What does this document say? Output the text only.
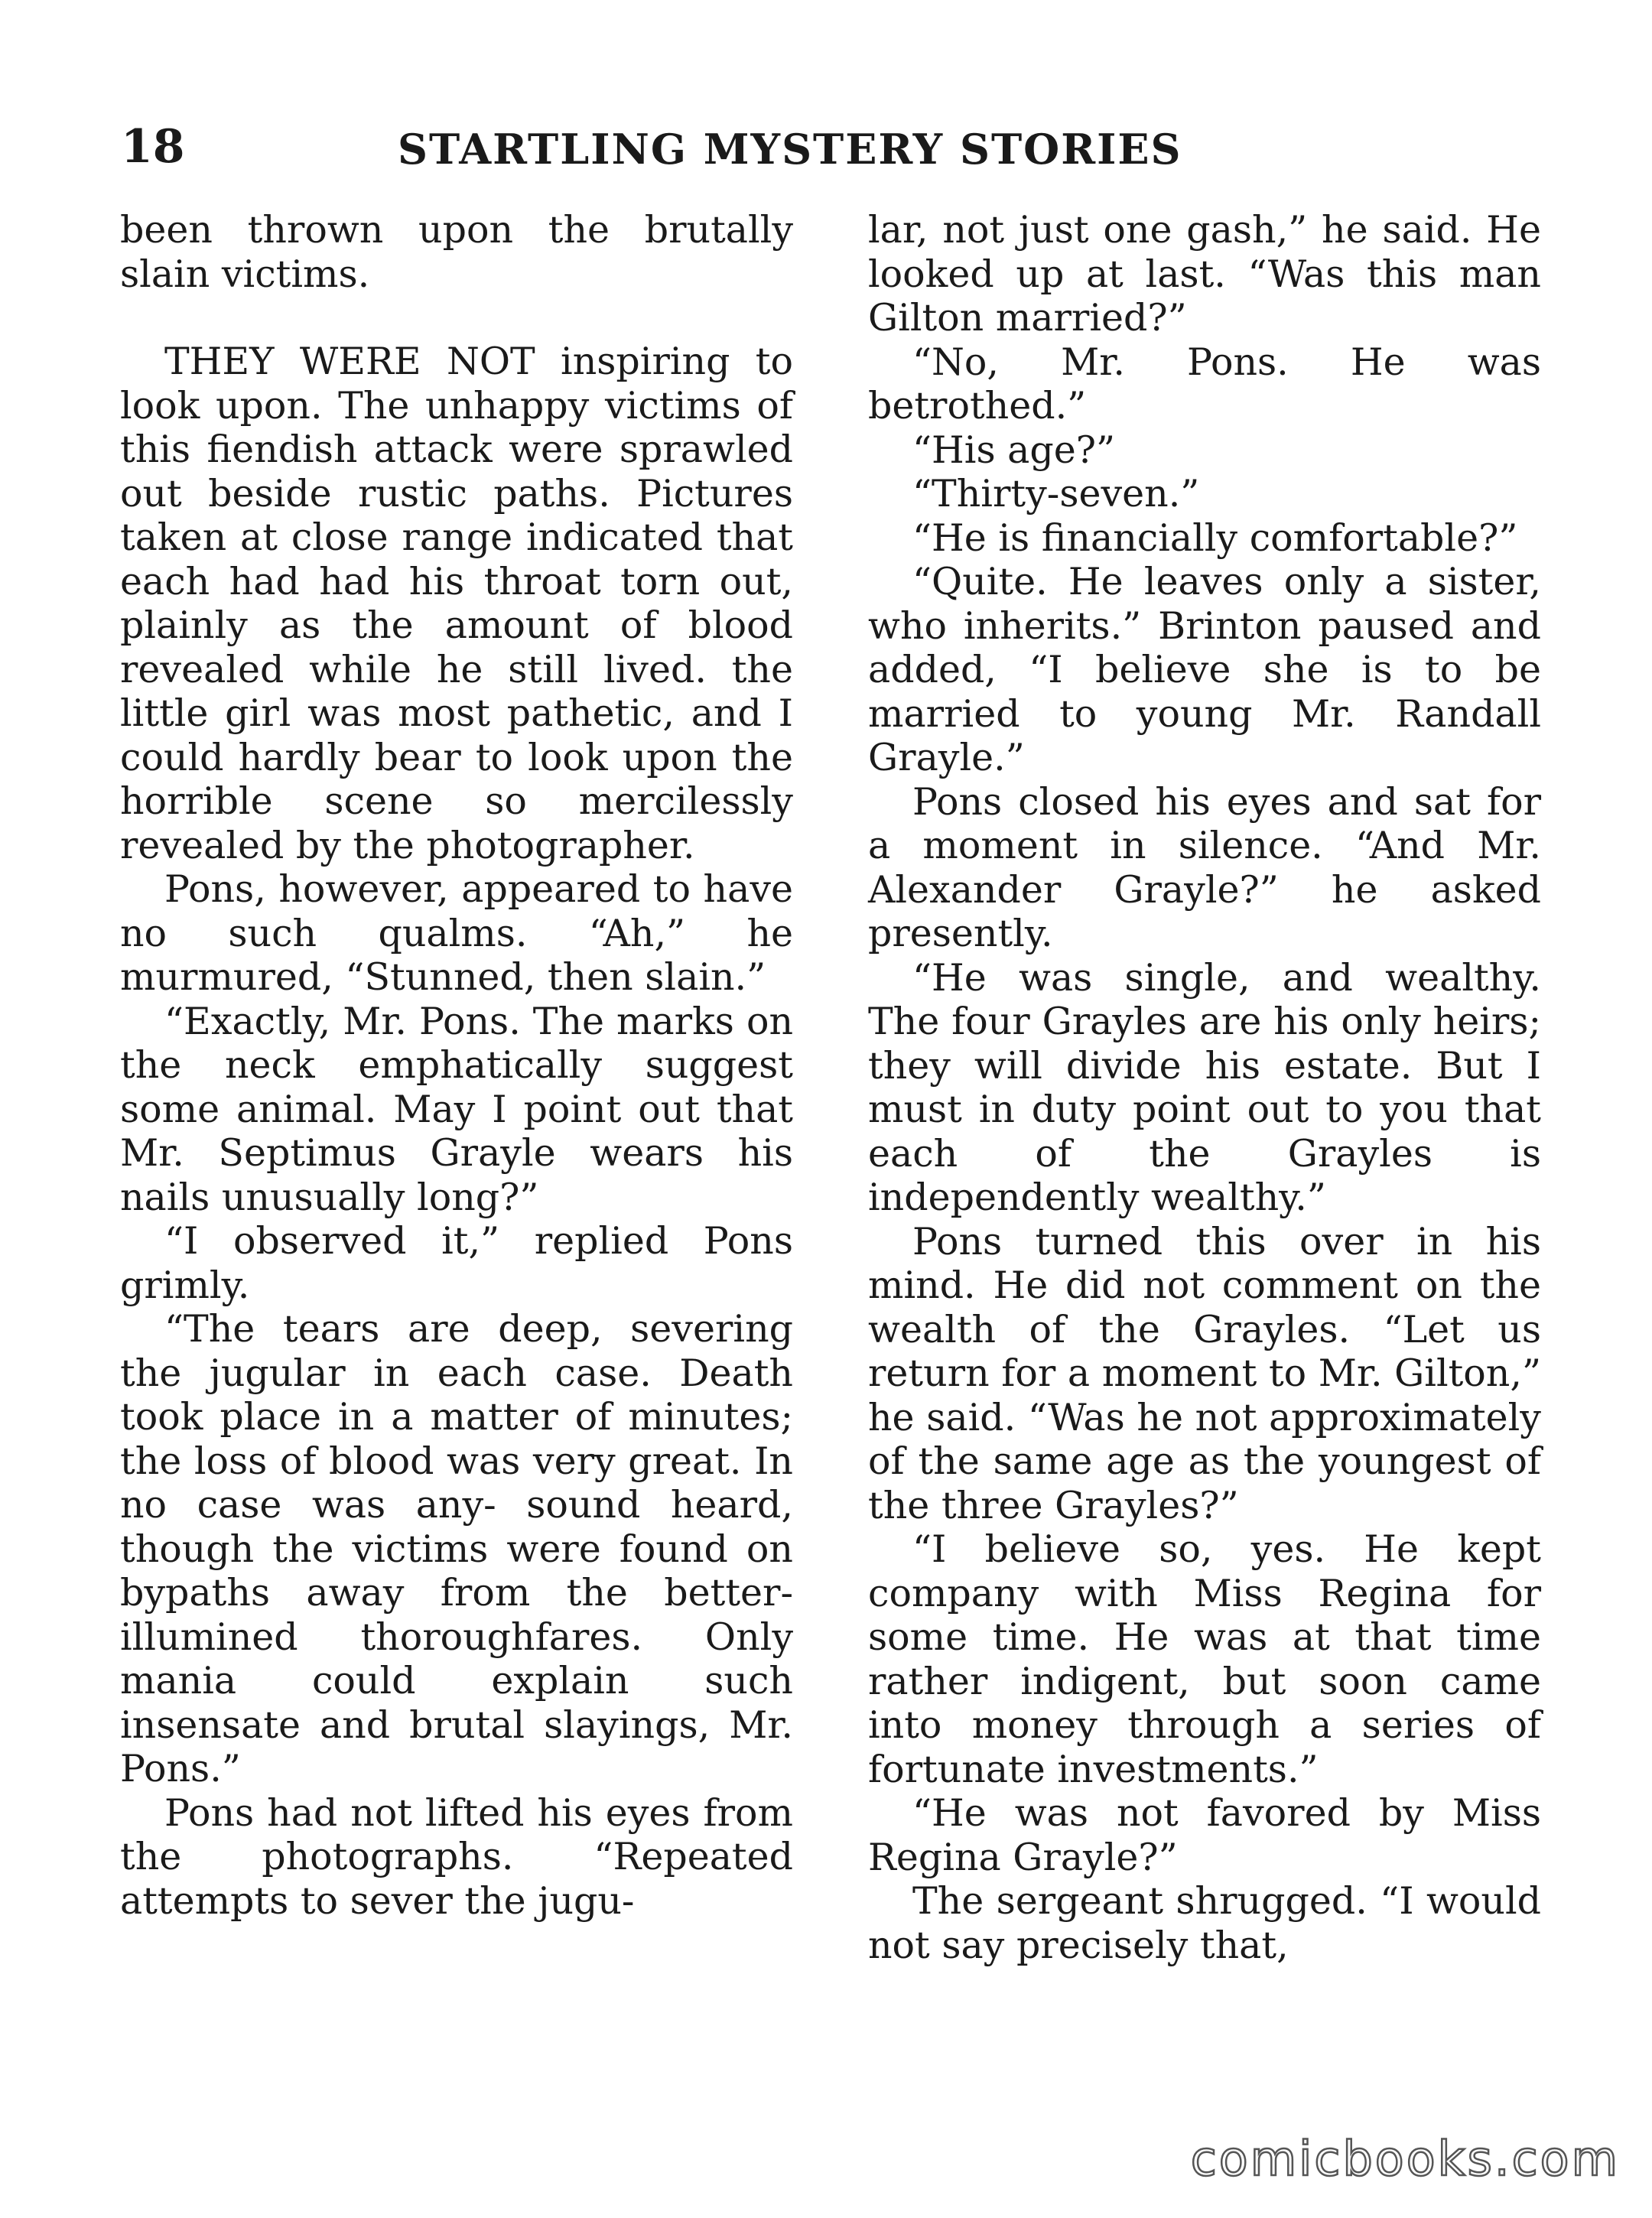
18	STARTLING MYSTERY STORIES

been thrown upon the brutally slain victims.

THEY WERE NOT inspiring to look upon. The unhappy victims of this fiendish attack were sprawled out beside rustic paths. Pictures taken at close range indicated that each had had his throat torn out, plainly as the amount of blood revealed while he still lived. the little girl was most pathetic, and I could hardly bear to look upon the horrible scene so mercilessly revealed by the photographer.

Pons, however, appeared to have no such qualms. “Ah,” he murmured, “Stunned, then slain.”

“Exactly, Mr. Pons. The marks on the neck emphatically suggest some animal. May I point out that Mr. Septimus Grayle wears his nails unusually long?”

“I observed it,” replied Pons grimly.

“The tears are deep, severing the jugular in each case. Death took place in a matter of minutes; the loss of blood was very great. In no case was any- sound heard, though the victims were found on bypaths away from the better-illumined thoroughfares. Only mania could explain such insensate and brutal slayings, Mr. Pons.”

Pons had not lifted his eyes from the photographs. “Repeated attempts to sever the jugu-

lar, not just one gash,” he said. He looked up at last. “Was this man Gilton married?”

“No, Mr. Pons. He was betrothed.”

“His age?”

“Thirty-seven.”

“He is financially comfortable?”

“Quite. He leaves only a sister, who inherits.” Brinton paused and added, “I believe she is to be married to young Mr. Randall Grayle.”

Pons closed his eyes and sat for a moment in silence. “And Mr. Alexander Grayle?” he asked presently.

“He was single, and wealthy. The four Grayles are his only heirs; they will divide his estate. But I must in duty point out to you that each of the Grayles is independently wealthy.”

Pons turned this over in his mind. He did not comment on the wealth of the Grayles. “Let us return for a moment to Mr. Gilton,” he said. “Was he not approximately of the same age as the youngest of the three Grayles?”

“I believe so, yes. He kept company with Miss Regina for some time. He was at that time rather indigent, but soon came into money through a series of fortunate investments.”

“He was not favored by Miss Regina Grayle?”

The sergeant shrugged. “I would not say precisely that,

comicbooks.com
